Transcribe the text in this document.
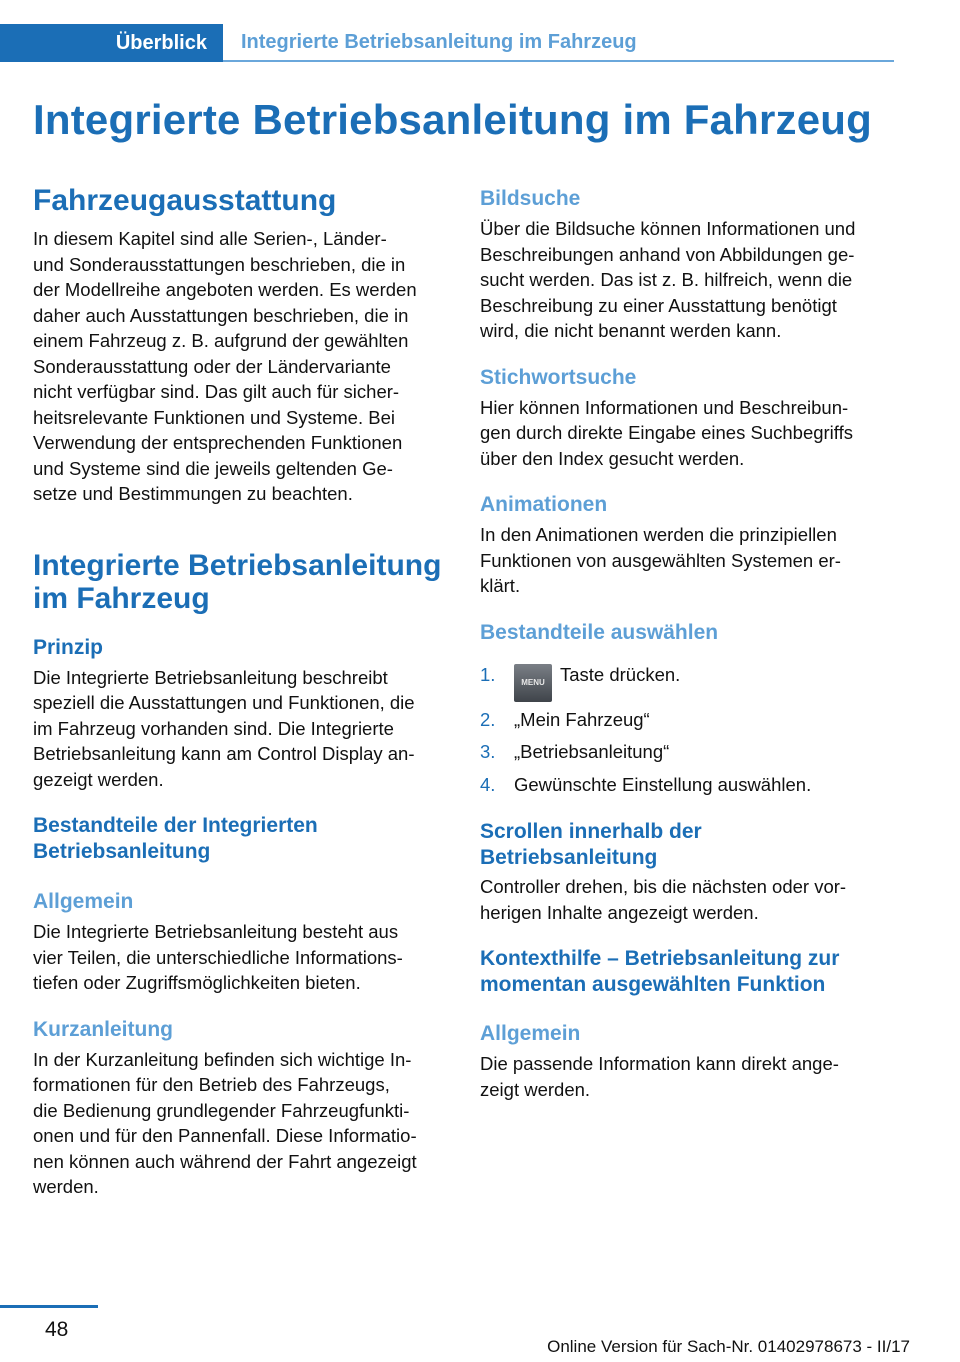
Überblick Integrierte Betriebsanleitung im Fahrzeug
Integrierte Betriebsanleitung im Fahrzeug
Fahrzeugausstattung

In diesem Kapitel sind alle Serien-, Länder‐
und Sonderausstattungen beschrieben, die in
der Modellreihe angeboten werden. Es werden
daher auch Ausstattungen beschrieben, die in
einem Fahrzeug z. B. aufgrund der gewählten
Sonderausstattung oder der Ländervariante
nicht verfügbar sind. Das gilt auch für sicher‐
heitsrelevante Funktionen und Systeme. Bei
Verwendung der entsprechenden Funktionen
und Systeme sind die jeweils geltenden Ge‐
setze und Bestimmungen zu beachten.

Integrierte Betriebsanleitung
im Fahrzeug
Prinzip

Die Integrierte Betriebsanleitung beschreibt
speziell die Ausstattungen und Funktionen, die
im Fahrzeug vorhanden sind. Die Integrierte
Betriebsanleitung kann am Control Display an‐
gezeigt werden.

Bestandteile der Integrierten
Betriebsanleitung
Allgemein

Die Integrierte Betriebsanleitung besteht aus
vier Teilen, die unterschiedliche Informations‐
tiefen oder Zugriffsmöglichkeiten bieten.

Kurzanleitung

In der Kurzanleitung befinden sich wichtige In‐
formationen für den Betrieb des Fahrzeugs,
die Bedienung grundlegender Fahrzeugfunkti‐
onen und für den Pannenfall. Diese Informatio‐
nen können auch während der Fahrt angezeigt
werden.

Bildsuche

Über die Bildsuche können Informationen und
Beschreibungen anhand von Abbildungen ge‐
sucht werden. Das ist z. B. hilfreich, wenn die
Beschreibung zu einer Ausstattung benötigt
wird, die nicht benannt werden kann.

Stichwortsuche

Hier können Informationen und Beschreibun‐
gen durch direkte Eingabe eines Suchbegriffs
über den Index gesucht werden.

Animationen

In den Animationen werden die prinzipiellen
Funktionen von ausgewählten Systemen er‐
klärt.

Bestandteile auswählen
1.	MENU Taste drücken.
2. „Mein Fahrzeug“
3. „Betriebsanleitung“
4. Gewünschte Einstellung auswählen.
Scrollen innerhalb der
Betriebsanleitung

Controller drehen, bis die nächsten oder vor‐
herigen Inhalte angezeigt werden.

Kontexthilfe – Betriebsanleitung zur
momentan ausgewählten Funktion
Allgemein

Die passende Information kann direkt ange‐
zeigt werden.

48
Online Version für Sach-Nr. 01402978673 - II/17
